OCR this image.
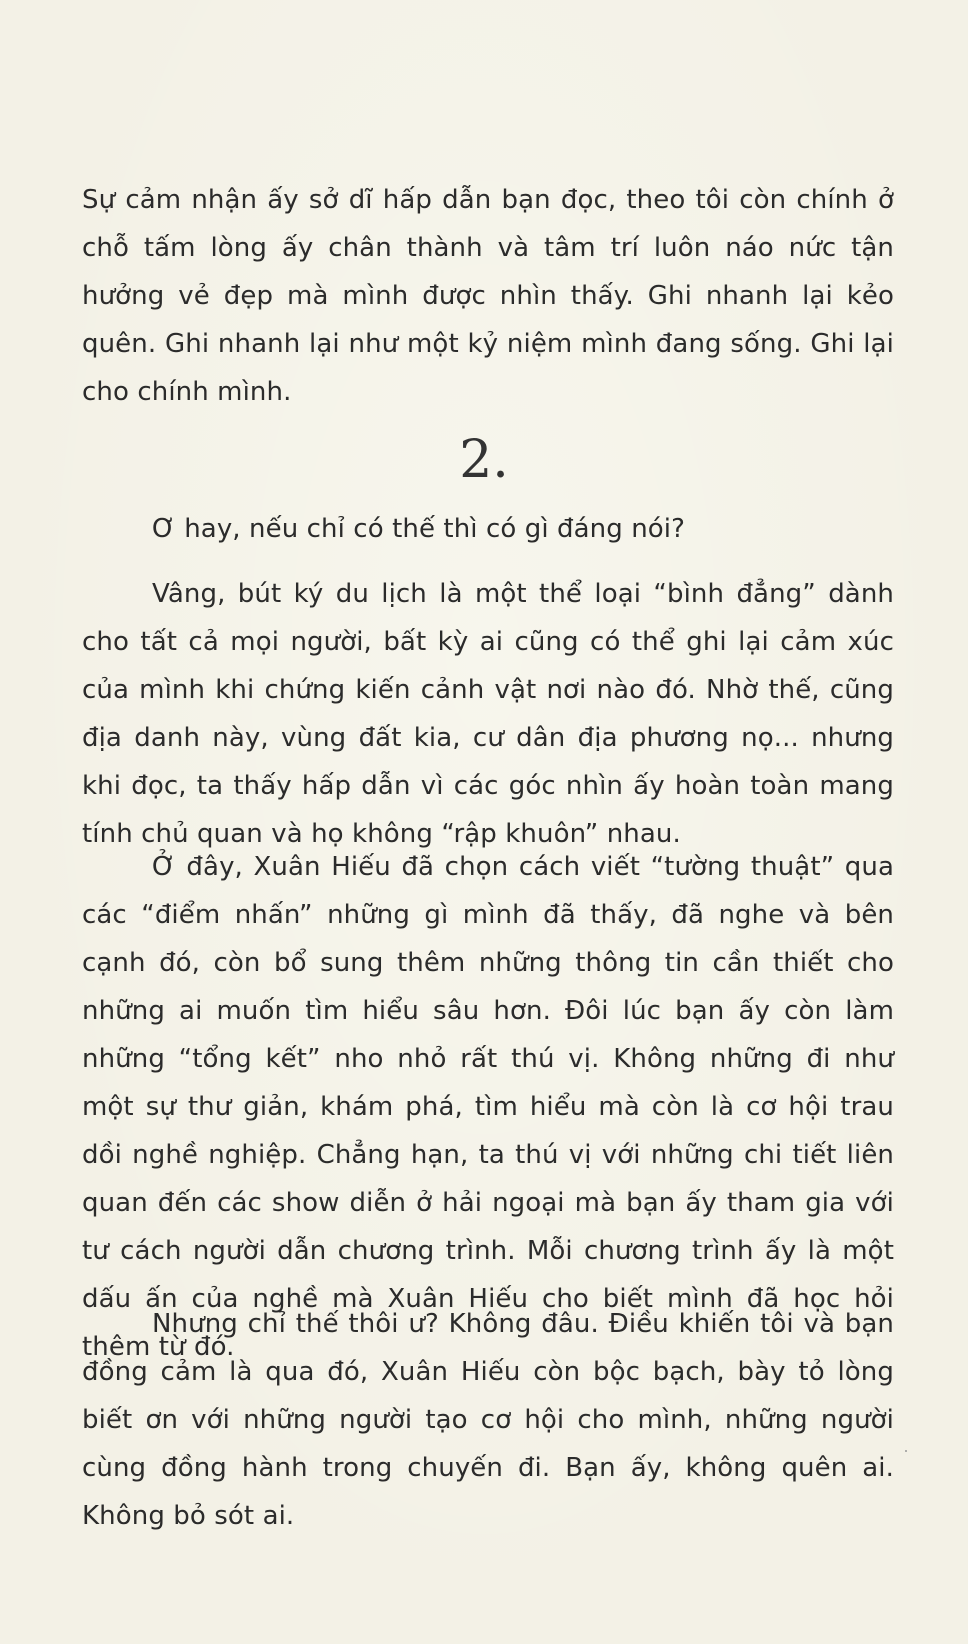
Sự cảm nhận ấy sở dĩ hấp dẫn bạn đọc, theo tôi còn chính ở chỗ tấm lòng ấy chân thành và tâm trí luôn náo nức tận hưởng vẻ đẹp mà mình được nhìn thấy. Ghi nhanh lại kẻo quên. Ghi nhanh lại như một kỷ niệm mình đang sống. Ghi lại cho chính mình.

2.

Ơ hay, nếu chỉ có thế thì có gì đáng nói?

Vâng, bút ký du lịch là một thể loại “bình đẳng” dành cho tất cả mọi người, bất kỳ ai cũng có thể ghi lại cảm xúc của mình khi chứng kiến cảnh vật nơi nào đó. Nhờ thế, cũng địa danh này, vùng đất kia, cư dân địa phương nọ... nhưng khi đọc, ta thấy hấp dẫn vì các góc nhìn ấy hoàn toàn mang tính chủ quan và họ không “rập khuôn” nhau.

Ở đây, Xuân Hiếu đã chọn cách viết “tường thuật” qua các “điểm nhấn” những gì mình đã thấy, đã nghe và bên cạnh đó, còn bổ sung thêm những thông tin cần thiết cho những ai muốn tìm hiểu sâu hơn. Đôi lúc bạn ấy còn làm những “tổng kết” nho nhỏ rất thú vị. Không những đi như một sự thư giản, khám phá, tìm hiểu mà còn là cơ hội trau dồi nghề nghiệp. Chẳng hạn, ta thú vị với những chi tiết liên quan đến các show diễn ở hải ngoại mà bạn ấy tham gia với tư cách người dẫn chương trình. Mỗi chương trình ấy là một dấu ấn của nghề mà Xuân Hiếu cho biết mình đã học hỏi thêm từ đó.

Nhưng chỉ thế thôi ư? Không đâu. Điều khiến tôi và bạn đồng cảm là qua đó, Xuân Hiếu còn bộc bạch, bày tỏ lòng biết ơn với những người tạo cơ hội cho mình, những người cùng đồng hành trong chuyến đi. Bạn ấy, không quên ai. Không bỏ sót ai.
